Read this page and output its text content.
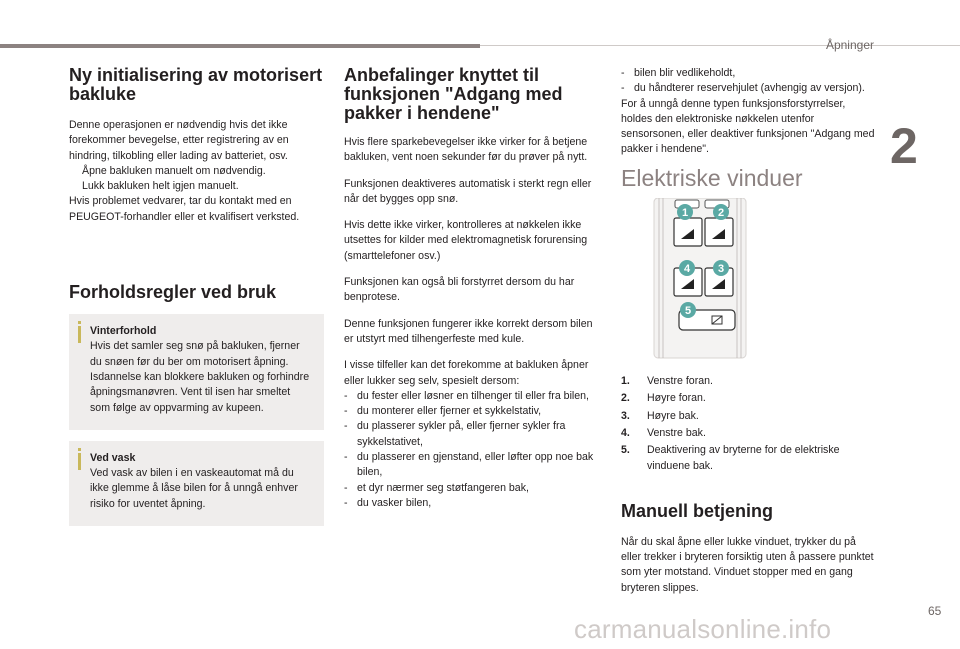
Åpninger
2
Ny initialisering av motorisert bakluke

Denne operasjonen er nødvendig hvis det ikke forekommer bevegelse, etter registrering av en hindring, tilkobling eller lading av batteriet, osv.

Åpne bakluken manuelt om nødvendig.
Lukk bakluken helt igjen manuelt.

Hvis problemet vedvarer, tar du kontakt med en PEUGEOT-forhandler eller et kvalifisert verksted.

Forholdsregler ved bruk
Vinterforhold
Hvis det samler seg snø på bakluken, fjerner du snøen før du ber om motorisert åpning.
Isdannelse kan blokkere bakluken og forhindre åpningsmanøvren. Vent til isen har smeltet som følge av oppvarming av kupeen.
Ved vask
Ved vask av bilen i en vaskeautomat må du ikke glemme å låse bilen for å unngå enhver risiko for uventet åpning.
Anbefalinger knyttet til funksjonen "Adgang med pakker i hendene"

Hvis flere sparkebevegelser ikke virker for å betjene bakluken, vent noen sekunder før du prøver på nytt.

Funksjonen deaktiveres automatisk i sterkt regn eller når det bygges opp snø.

Hvis dette ikke virker, kontrolleres at nøkkelen ikke utsettes for kilder med elektromagnetisk forurensing (smarttelefoner osv.)

Funksjonen kan også bli forstyrret dersom du har benprotese.

Denne funksjonen fungerer ikke korrekt dersom bilen er utstyrt med tilhengerfeste med kule.

I visse tilfeller kan det forekomme at bakluken åpner eller lukker seg selv, spesielt dersom:

- du fester eller løsner en tilhenger til eller fra bilen,
- du monterer eller fjerner et sykkelstativ,
- du plasserer sykler på, eller fjerner sykler fra sykkelstativet,
- du plasserer en gjenstand, eller løfter opp noe bak bilen,
- et dyr nærmer seg støtfangeren bak,
- du vasker bilen,
- bilen blir vedlikeholdt,
- du håndterer reservehjulet (avhengig av versjon).

For å unngå denne typen funksjonsforstyrrelser, holdes den elektroniske nøkkelen utenfor sensorsonen, eller deaktiver funksjonen "Adgang med pakker i hendene".

Elektriske vinduer
1	2
4	3
5
1. Venstre foran.
2. Høyre foran.
3. Høyre bak.
4. Venstre bak.
5. Deaktivering av bryterne for de elektriske vinduene bak.
Manuell betjening

Når du skal åpne eller lukke vinduet, trykker du på eller trekker i bryteren forsiktig uten å passere punktet som yter motstand. Vinduet stopper med en gang bryteren slippes.

65
carmanualsonline.info
